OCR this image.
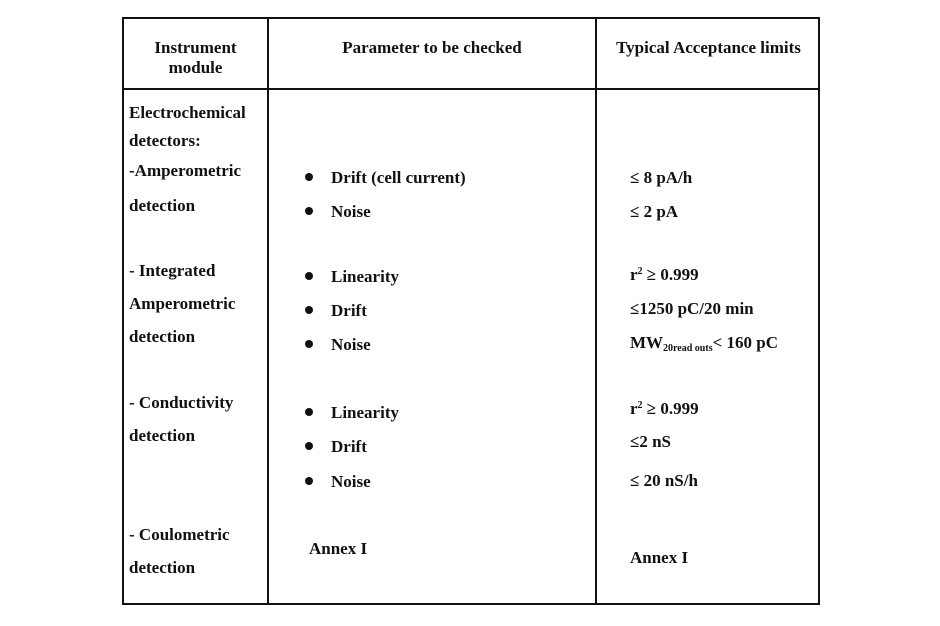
Instrument
module
Parameter to be checked	Typical Acceptance limits
Electrochemical
detectors:
-Amperometric
detection
- Integrated
Amperometric
detection
- Conductivity
detection
- Coulometric
detection
Drift (cell current)
Noise
Linearity
Drift
Noise
Linearity
Drift
Noise
Annex I
≤ 8 pA/h
≤ 2 pA
$r^2 \ge 0.999$
≤1250 pC/20 min
$MW_{20read outs}< 160$ pC
$r^2 \ge 0.999$
≤2 nS
≤ 20 nS/h
Annex I
